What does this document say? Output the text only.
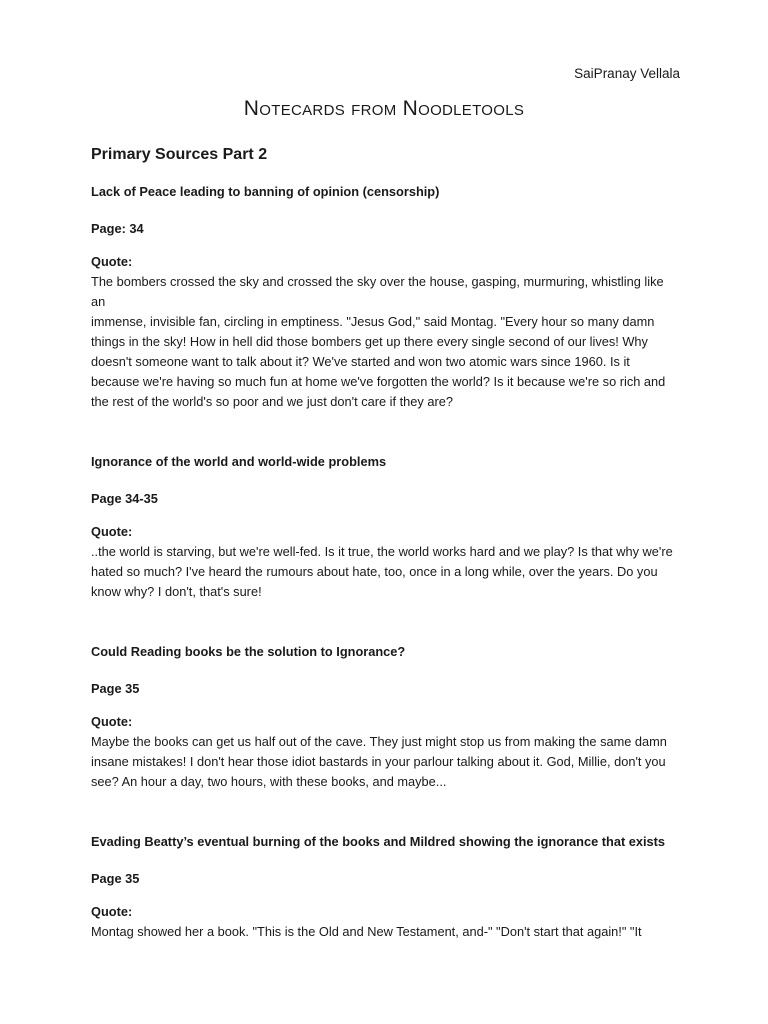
SaiPranay Vellala
Notecards from Noodletools
Primary Sources Part 2

Lack of Peace leading to banning of opinion (censorship)

Page: 34

Quote:

The bombers crossed the sky and crossed the sky over the house, gasping, murmuring, whistling like an
immense, invisible fan, circling in emptiness. "Jesus God," said Montag. "Every hour so many damn
things in the sky! How in hell did those bombers get up there every single second of our lives! Why
doesn't someone want to talk about it? We've started and won two atomic wars since 1960. Is it
because we're having so much fun at home we've forgotten the world? Is it because we're so rich and
the rest of the world's so poor and we just don't care if they are?

Ignorance of the world and world-wide problems

Page 34-35

Quote:

..the world is starving, but we're well-fed. Is it true, the world works hard and we play? Is that why we're
hated so much? I've heard the rumours about hate, too, once in a long while, over the years. Do you
know why? I don't, that's sure!

Could Reading books be the solution to Ignorance?

Page 35

Quote:

Maybe the books can get us half out of the cave. They just might stop us from making the same damn
insane mistakes! I don't hear those idiot bastards in your parlour talking about it. God, Millie, don't you
see? An hour a day, two hours, with these books, and maybe...

Evading Beatty’s eventual burning of the books and Mildred showing the ignorance that exists

Page 35

Quote:

Montag showed her a book. "This is the Old and New Testament, and-" "Don't start that again!" "It
